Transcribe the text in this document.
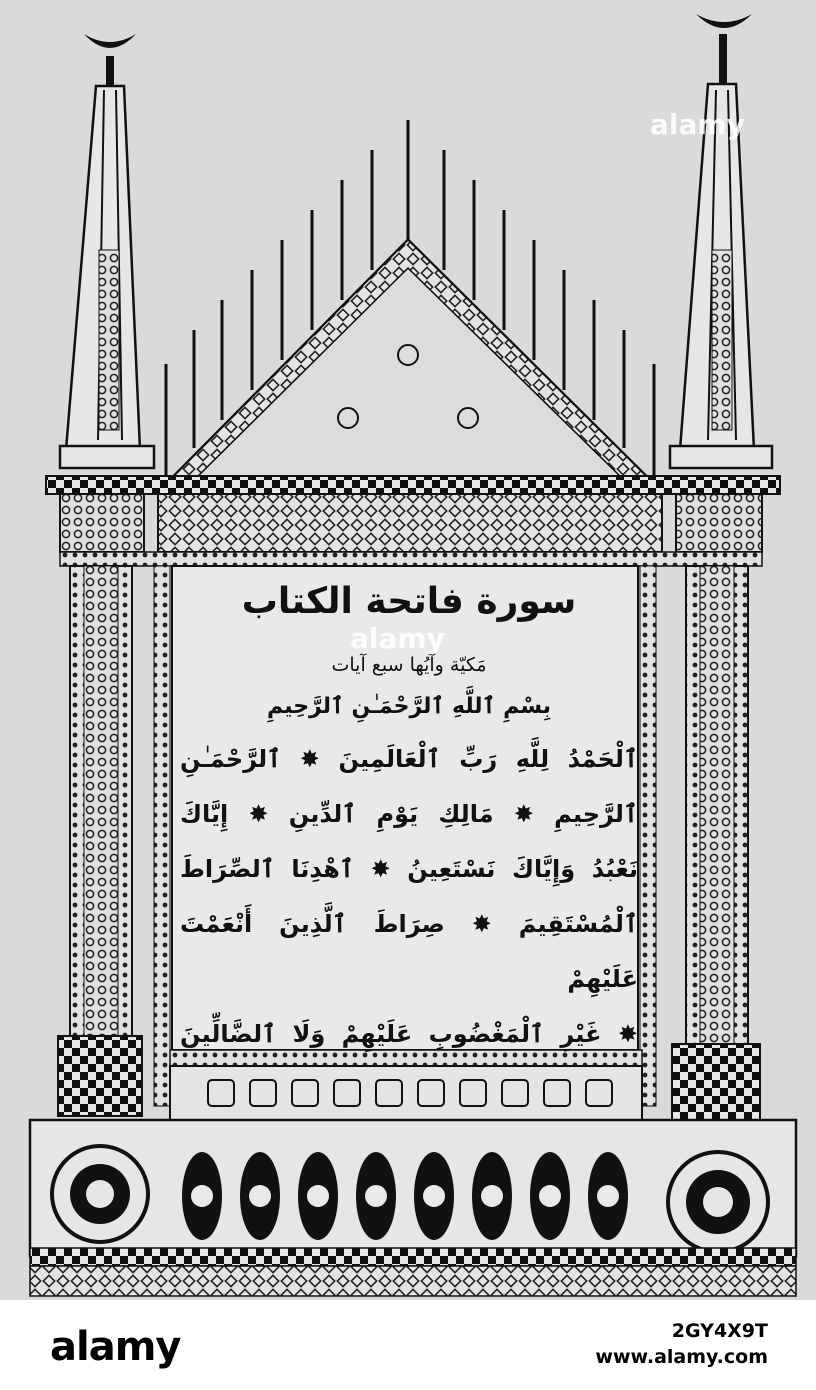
سورة فاتحة الكتاب
مَكيّة وآيُها سبع آيات
بِسْمِ ٱللَّهِ ٱلرَّحْمَـٰنِ ٱلرَّحِيمِ
ٱلْحَمْدُ لِلَّهِ رَبِّ ٱلْعَالَمِينَ ✸ ٱلرَّحْمَـٰنِ
ٱلرَّحِيمِ ✸ مَالِكِ يَوْمِ ٱلدِّينِ ✸ إِيَّاكَ
نَعْبُدُ وَإِيَّاكَ نَسْتَعِينُ ✸ ٱهْدِنَا ٱلصِّرَاطَ
ٱلْمُسْتَقِيمَ ✸ صِرَاطَ ٱلَّذِينَ أَنْعَمْتَ عَلَيْهِمْ
✸ غَيْرِ ٱلْمَغْضُوبِ عَلَيْهِمْ وَلَا ٱلضَّالِّينَ
alamy
alamy
alamy	2GY4X9T
www.alamy.com
